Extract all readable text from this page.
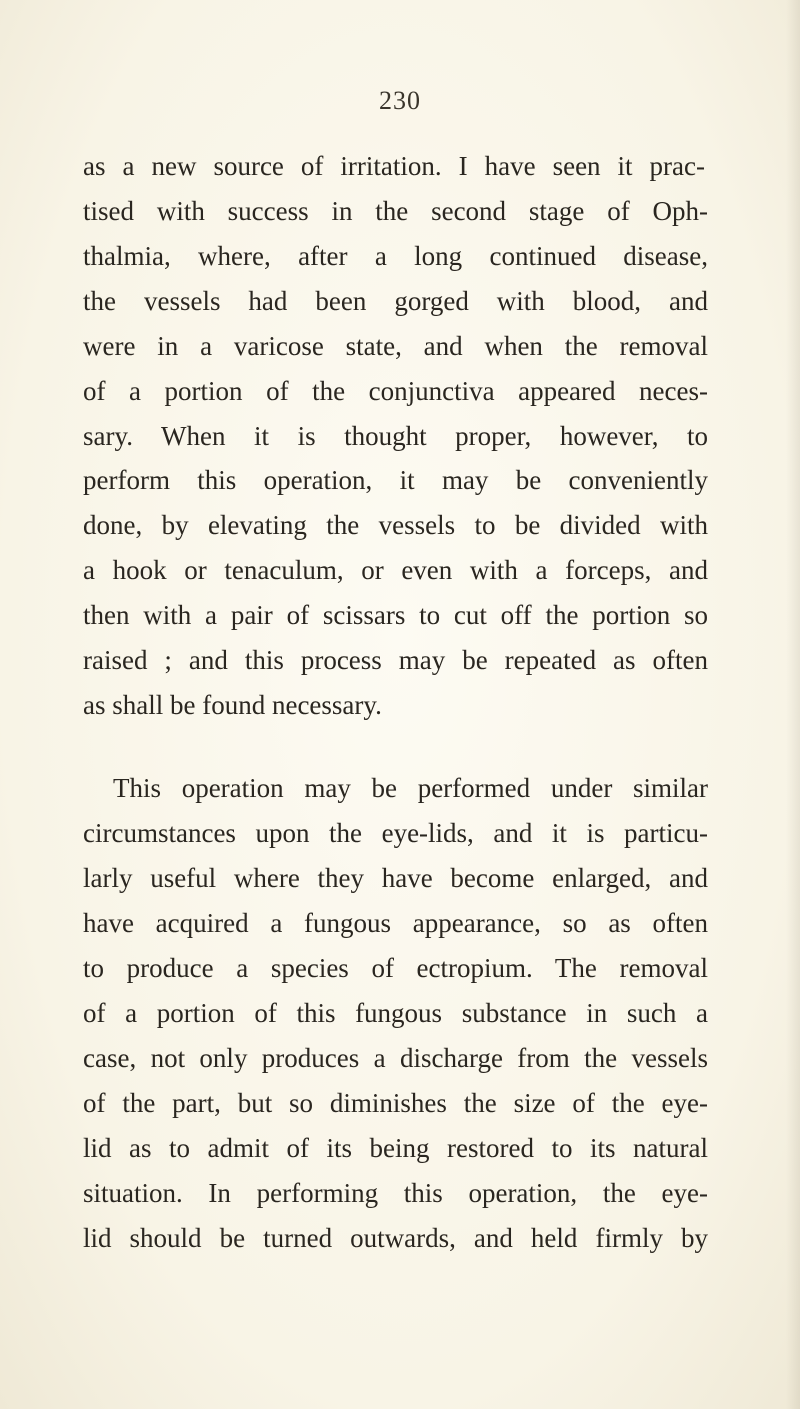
230
as a new source of irritation. I have seen it prac-
tised with success in the second stage of Oph-
thalmia, where, after a long continued disease,
the vessels had been gorged with blood, and
were in a varicose state, and when the removal
of a portion of the conjunctiva appeared neces-
sary. When it is thought proper, however, to
perform this operation, it may be conveniently
done, by elevating the vessels to be divided with
a hook or tenaculum, or even with a forceps, and
then with a pair of scissars to cut off the portion so
raised ; and this process may be repeated as often
as shall be found necessary.
This operation may be performed under similar
circumstances upon the eye-lids, and it is particu-
larly useful where they have become enlarged, and
have acquired a fungous appearance, so as often
to produce a species of ectropium. The removal
of a portion of this fungous substance in such a
case, not only produces a discharge from the vessels
of the part, but so diminishes the size of the eye-
lid as to admit of its being restored to its natural
situation. In performing this operation, the eye-
lid should be turned outwards, and held firmly by
